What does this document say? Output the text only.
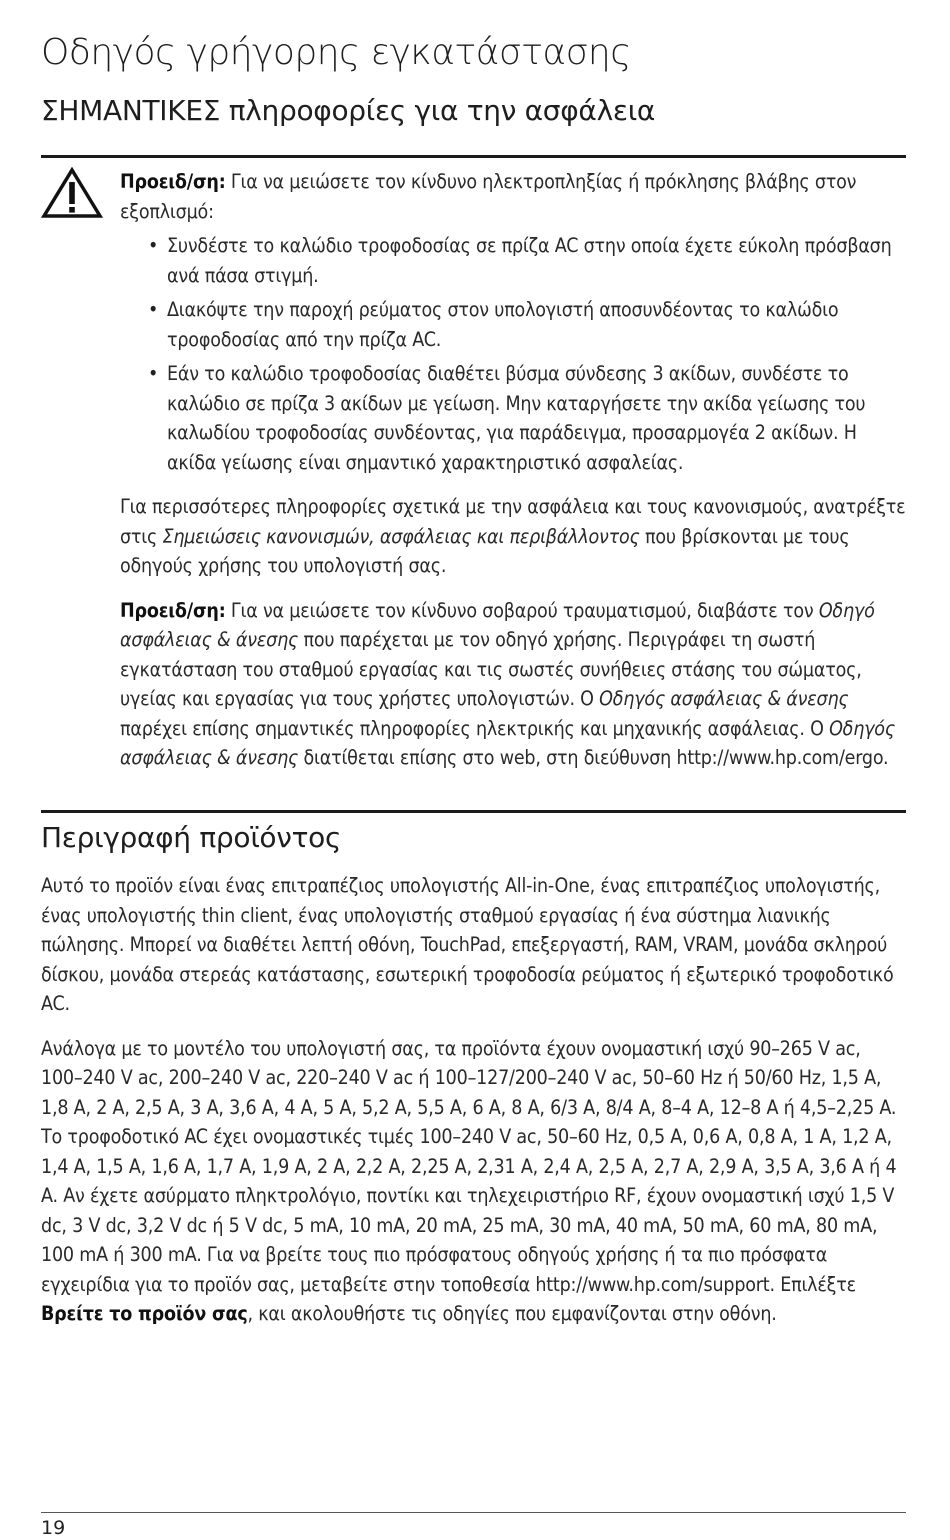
Οδηγός γρήγορης εγκατάστασης
ΣΗΜΑΝΤΙΚΕΣ πληροφορίες για την ασφάλεια

Προειδ/ση: Για να μειώσετε τον κίνδυνο ηλεκτροπληξίας ή πρόκλησης βλάβης στον εξοπλισμό:

• Συνδέστε το καλώδιο τροφοδοσίας σε πρίζα AC στην οποία έχετε εύκολη πρόσβαση ανά πάσα στιγμή.
• Διακόψτε την παροχή ρεύματος στον υπολογιστή αποσυνδέοντας το καλώδιο τροφοδοσίας από την πρίζα AC.
• Εάν το καλώδιο τροφοδοσίας διαθέτει βύσμα σύνδεσης 3 ακίδων, συνδέστε το καλώδιο σε πρίζα 3 ακίδων με γείωση. Μην καταργήσετε την ακίδα γείωσης του καλωδίου τροφοδοσίας συνδέοντας, για παράδειγμα, προσαρμογέα 2 ακίδων. Η ακίδα γείωσης είναι σημαντικό χαρακτηριστικό ασφαλείας.

Για περισσότερες πληροφορίες σχετικά με την ασφάλεια και τους κανονισμούς, ανατρέξτε στις Σημειώσεις κανονισμών, ασφάλειας και περιβάλλοντος που βρίσκονται με τους οδηγούς χρήσης του υπολογιστή σας.

Προειδ/ση: Για να μειώσετε τον κίνδυνο σοβαρού τραυματισμού, διαβάστε τον Οδηγό ασφάλειας & άνεσης που παρέχεται με τον οδηγό χρήσης. Περιγράφει τη σωστή εγκατάσταση του σταθμού εργασίας και τις σωστές συνήθειες στάσης του σώματος, υγείας και εργασίας για τους χρήστες υπολογιστών. Ο Οδηγός ασφάλειας & άνεσης παρέχει επίσης σημαντικές πληροφορίες ηλεκτρικής και μηχανικής ασφάλειας. Ο Οδηγός ασφάλειας & άνεσης διατίθεται επίσης στο web, στη διεύθυνση http://www.hp.com/ergo.

Περιγραφή προϊόντος

Αυτό το προϊόν είναι ένας επιτραπέζιος υπολογιστής All-in-One, ένας επιτραπέζιος υπολογιστής, ένας υπολογιστής thin client, ένας υπολογιστής σταθμού εργασίας ή ένα σύστημα λιανικής πώλησης. Μπορεί να διαθέτει λεπτή οθόνη, TouchPad, επεξεργαστή, RAM, VRAM, μονάδα σκληρού δίσκου, μονάδα στερεάς κατάστασης, εσωτερική τροφοδοσία ρεύματος ή εξωτερικό τροφοδοτικό AC.

Ανάλογα με το μοντέλο του υπολογιστή σας, τα προϊόντα έχουν ονομαστική ισχύ 90–265 V ac, 100–240 V ac, 200–240 V ac, 220–240 V ac ή 100–127/200–240 V ac, 50–60 Hz ή 50/60 Hz, 1,5 A, 1,8 A, 2 A, 2,5 A, 3 A, 3,6 A, 4 A, 5 A, 5,2 A, 5,5 A, 6 A, 8 A, 6/3 A, 8/4 A, 8–4 A, 12–8 A ή 4,5–2,25 A. Το τροφοδοτικό AC έχει ονομαστικές τιμές 100–240 V ac, 50–60 Hz, 0,5 A, 0,6 A, 0,8 A, 1 A, 1,2 A, 1,4 A, 1,5 A, 1,6 A, 1,7 A, 1,9 A, 2 A, 2,2 A, 2,25 A, 2,31 A, 2,4 A, 2,5 A, 2,7 A, 2,9 A, 3,5 A, 3,6 A ή 4 A. Αν έχετε ασύρματο πληκτρολόγιο, ποντίκι και τηλεχειριστήριο RF, έχουν ονομαστική ισχύ 1,5 V dc, 3 V dc, 3,2 V dc ή 5 V dc, 5 mA, 10 mA, 20 mA, 25 mA, 30 mA, 40 mA, 50 mA, 60 mA, 80 mA, 100 mA ή 300 mA. Για να βρείτε τους πιο πρόσφατους οδηγούς χρήσης ή τα πιο πρόσφατα εγχειρίδια για το προϊόν σας, μεταβείτε στην τοποθεσία http://www.hp.com/support. Επιλέξτε Βρείτε το προϊόν σας, και ακολουθήστε τις οδηγίες που εμφανίζονται στην οθόνη.

19
